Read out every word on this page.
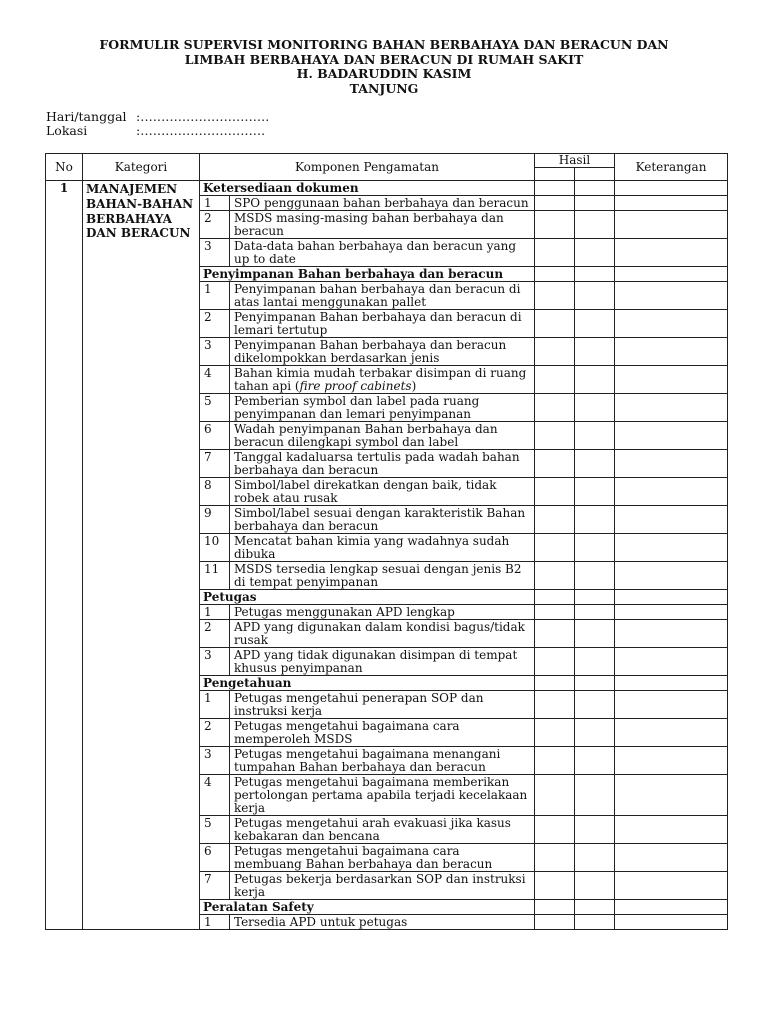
FORMULIR SUPERVISI MONITORING BAHAN BERBAHAYA DAN BERACUN DAN
LIMBAH BERBAHAYA DAN BERACUN DI RUMAH SAKIT
H. BADARUDDIN KASIM
TANJUNG
Hari/tanggal :………………………….
Lokasi	:…………………………
No	Kategori	Komponen Pengamatan		Hasil		Keterangan

1	MANAJEMEN BAHAN-BAHAN BERBAHAYA DAN BERACUN	Ketersediaan dokumen				
		1	SPO penggunaan bahan berbahaya dan beracun			
		2	MSDS masing-masing bahan berbahaya dan beracun			
		3	Data-data bahan berbahaya dan beracun yang up to date			
		Penyimpanan Bahan berbahaya dan beracun				
		1	Penyimpanan bahan berbahaya dan beracun di atas lantai menggunakan pallet			
		2	Penyimpanan Bahan berbahaya dan beracun di lemari tertutup			
		3	Penyimpanan Bahan berbahaya dan beracun dikelompokkan berdasarkan jenis			
		4	Bahan kimia mudah terbakar disimpan di ruang tahan api (fire proof cabinets)			
		5	Pemberian symbol dan label pada ruang penyimpanan dan lemari penyimpanan			
		6	Wadah penyimpanan Bahan berbahaya dan beracun dilengkapi symbol dan label			
		7	Tanggal kadaluarsa tertulis pada wadah bahan berbahaya dan beracun			
		8	Simbol/label direkatkan dengan baik, tidak robek atau rusak			
		9	Simbol/label sesuai dengan karakteristik Bahan berbahaya dan beracun			
		10	Mencatat bahan kimia yang wadahnya sudah dibuka			
		11	MSDS tersedia lengkap sesuai dengan jenis B2 di tempat penyimpanan			
		Petugas				
		1	Petugas menggunakan APD lengkap			
		2	APD yang digunakan dalam kondisi bagus/tidak rusak			
		3	APD yang tidak digunakan disimpan di tempat khusus penyimpanan			
		Pengetahuan				
		1	Petugas mengetahui penerapan SOP dan instruksi kerja			
		2	Petugas mengetahui bagaimana cara memperoleh MSDS			
		3	Petugas mengetahui bagaimana menangani tumpahan Bahan berbahaya dan beracun			
		4	Petugas mengetahui bagaimana memberikan pertolongan pertama apabila terjadi kecelakaan kerja			
		5	Petugas mengetahui arah evakuasi jika kasus kebakaran dan bencana			
		6	Petugas mengetahui bagaimana cara membuang Bahan berbahaya dan beracun			
		7	Petugas bekerja berdasarkan SOP dan instruksi kerja			
		Peralatan Safety				
		1	Tersedia APD untuk petugas			
